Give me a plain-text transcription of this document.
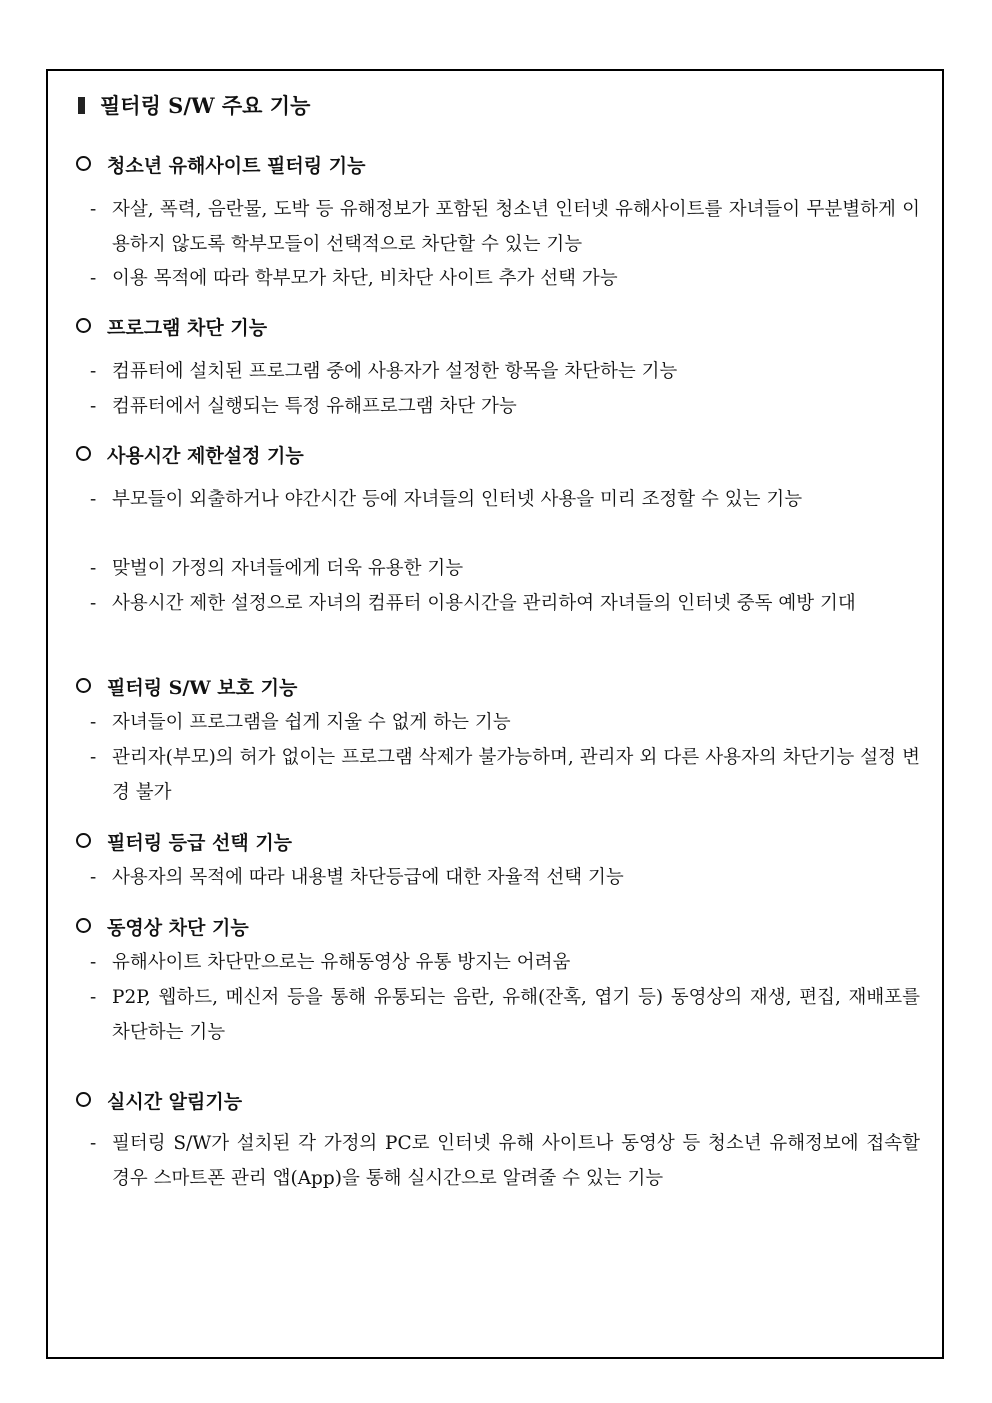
필터링 S/W 주요 기능
청소년 유해사이트 필터링 기능
- 자살, 폭력, 음란물, 도박 등 유해정보가 포함된 청소년 인터넷 유해사이트를 자녀들이 무분별하게 이용하지 않도록 학부모들이 선택적으로 차단할 수 있는 기능
- 이용 목적에 따라 학부모가 차단, 비차단 사이트 추가 선택 가능
프로그램 차단 기능
- 컴퓨터에 설치된 프로그램 중에 사용자가 설정한 항목을 차단하는 기능
- 컴퓨터에서 실행되는 특정 유해프로그램 차단 가능
사용시간 제한설정 기능
- 부모들이 외출하거나 야간시간 등에 자녀들의 인터넷 사용을 미리 조정할 수 있는 기능
- 맞벌이 가정의 자녀들에게 더욱 유용한 기능
- 사용시간 제한 설정으로 자녀의 컴퓨터 이용시간을 관리하여 자녀들의 인터넷 중독 예방 기대
필터링 S/W 보호 기능
- 자녀들이 프로그램을 쉽게 지울 수 없게 하는 기능
- 관리자(부모)의 허가 없이는 프로그램 삭제가 불가능하며, 관리자 외 다른 사용자의 차단기능 설정 변경 불가
필터링 등급 선택 기능
- 사용자의 목적에 따라 내용별 차단등급에 대한 자율적 선택 기능
동영상 차단 기능
- 유해사이트 차단만으로는 유해동영상 유통 방지는 어려움
- P2P, 웹하드, 메신저 등을 통해 유통되는 음란, 유해(잔혹, 엽기 등) 동영상의 재생, 편집, 재배포를 차단하는 기능
실시간 알림기능
- 필터링 S/W가 설치된 각 가정의 PC로 인터넷 유해 사이트나 동영상 등 청소년 유해정보에 접속할 경우 스마트폰 관리 앱(App)을 통해 실시간으로 알려줄 수 있는 기능
